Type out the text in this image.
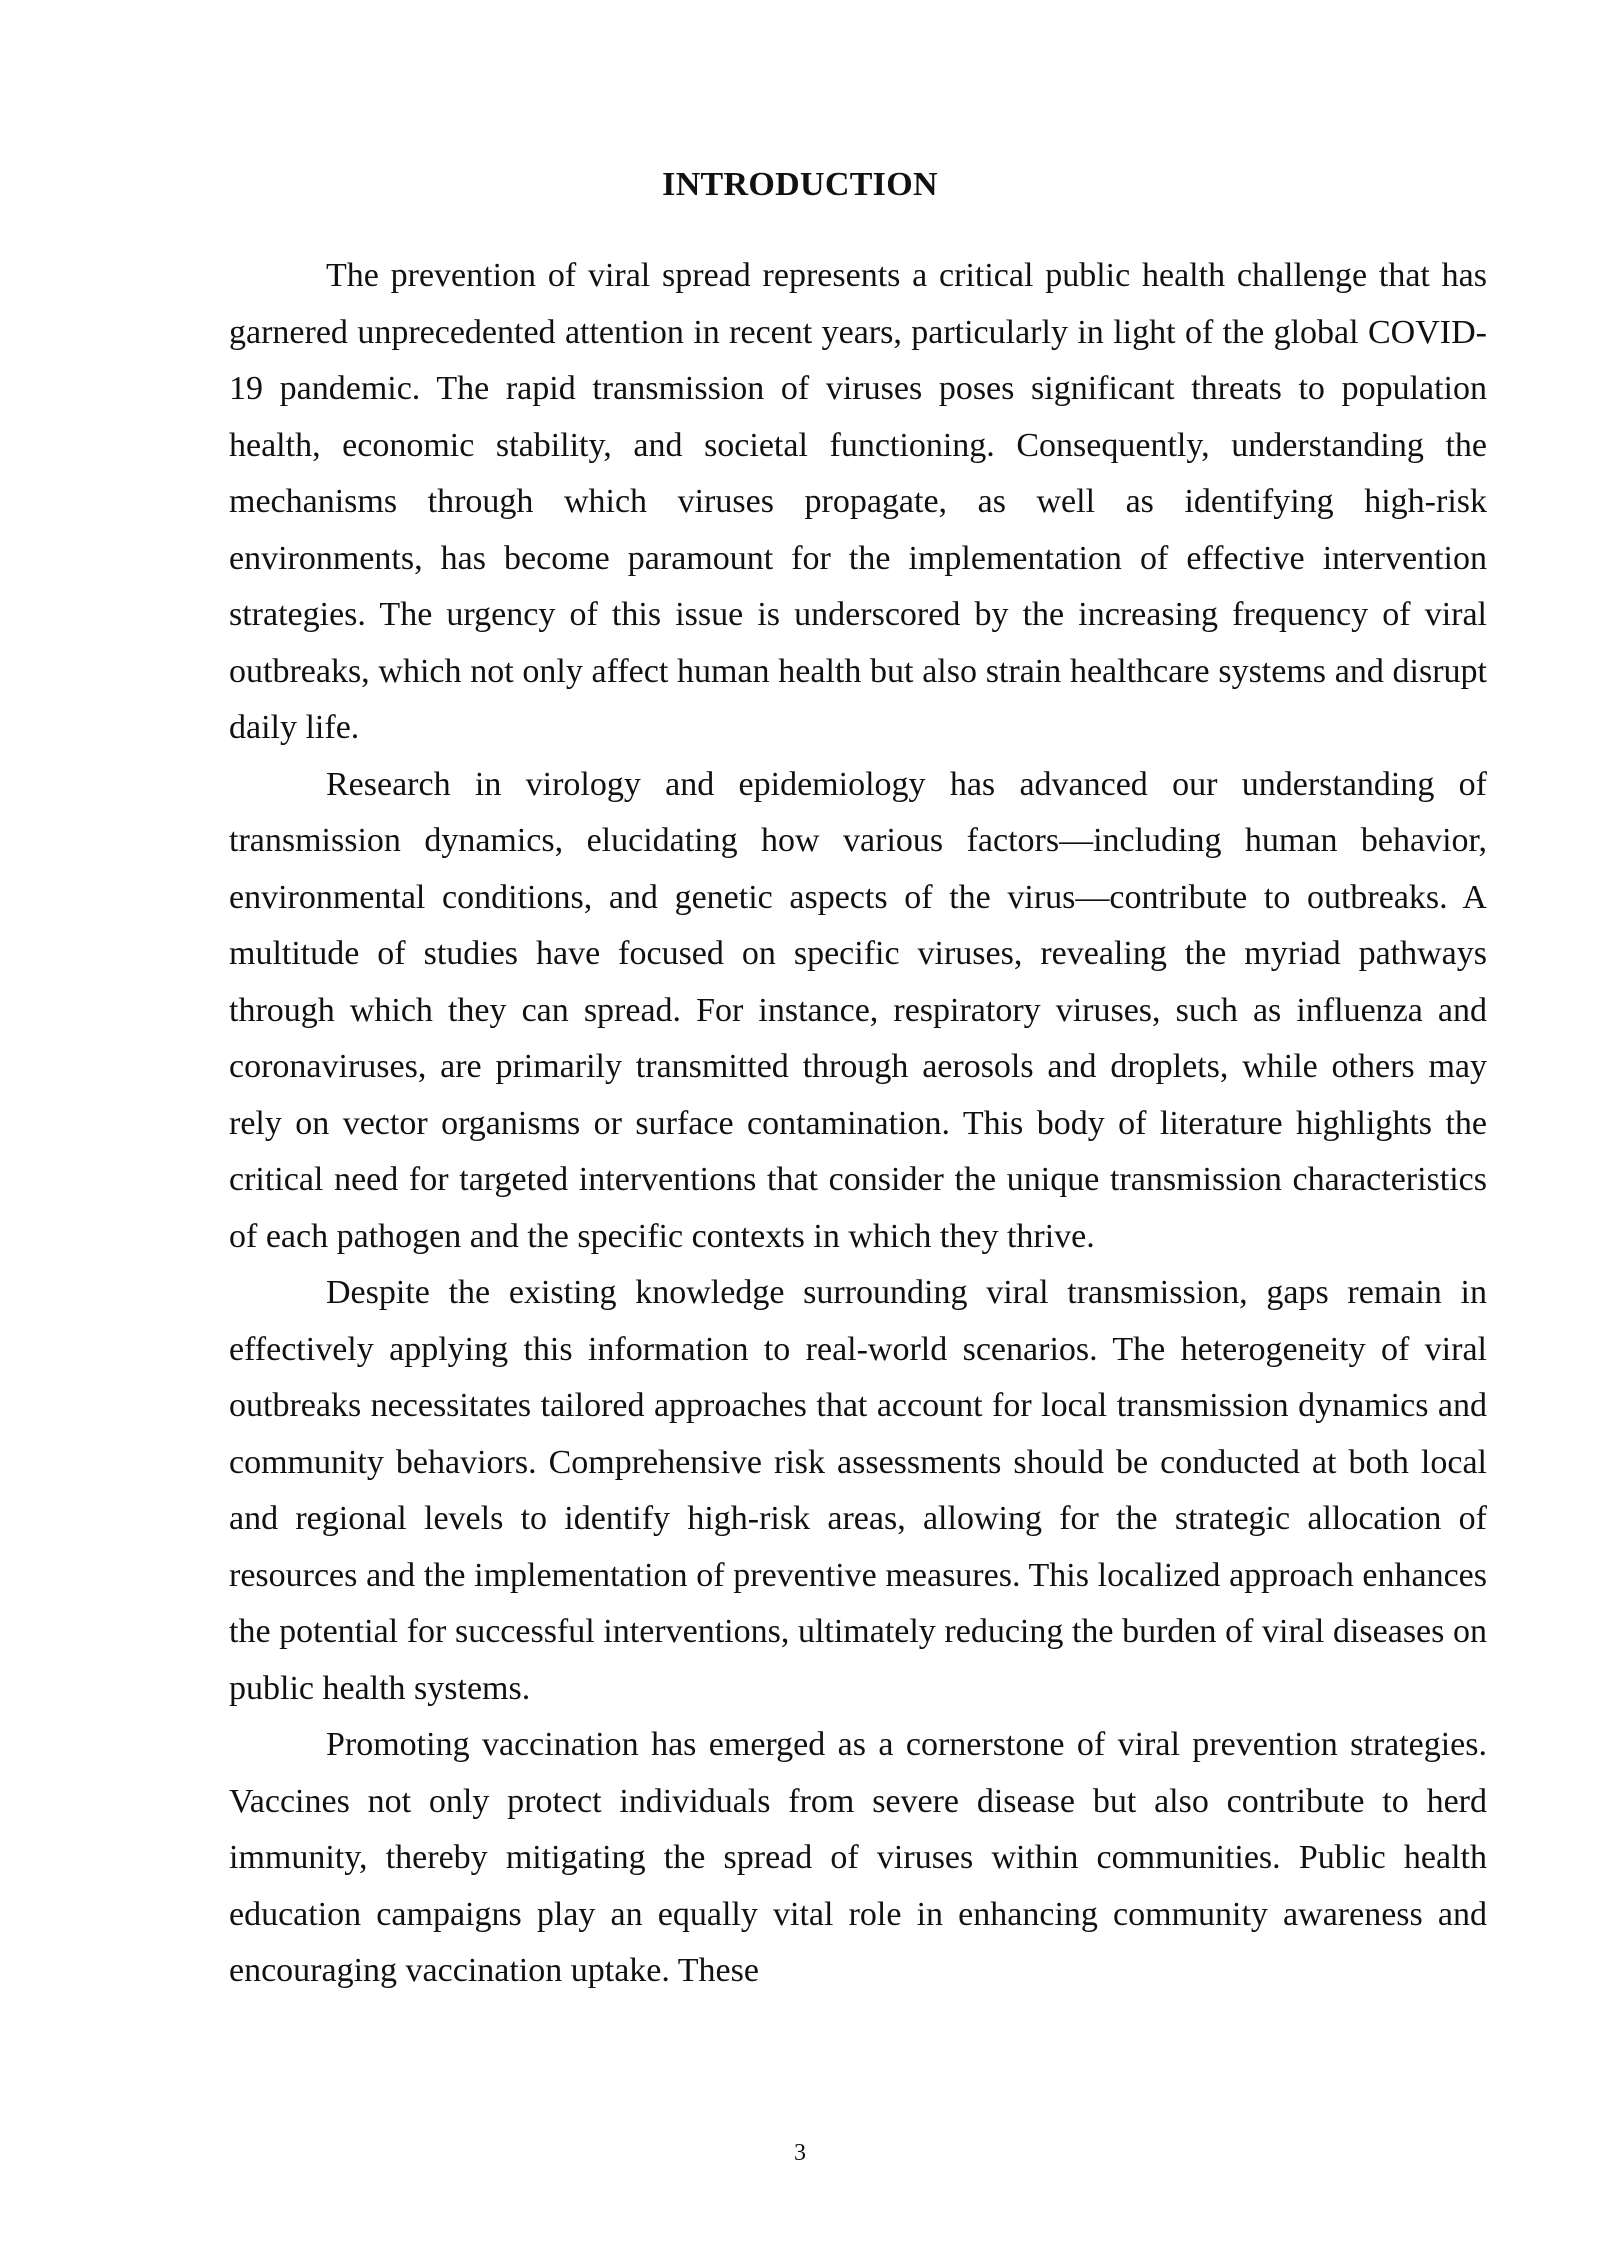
INTRODUCTION

The prevention of viral spread represents a critical public health challenge that has garnered unprecedented attention in recent years, particularly in light of the global COVID-19 pandemic. The rapid transmission of viruses poses significant threats to population health, economic stability, and societal functioning. Consequently, understanding the mechanisms through which viruses propagate, as well as identifying high-risk environments, has become paramount for the implementation of effective intervention strategies. The urgency of this issue is underscored by the increasing frequency of viral outbreaks, which not only affect human health but also strain healthcare systems and disrupt daily life.

Research in virology and epidemiology has advanced our understanding of transmission dynamics, elucidating how various factors—including human behavior, environmental conditions, and genetic aspects of the virus—contribute to outbreaks. A multitude of studies have focused on specific viruses, revealing the myriad pathways through which they can spread. For instance, respiratory viruses, such as influenza and coronaviruses, are primarily transmitted through aerosols and droplets, while others may rely on vector organisms or surface contamination. This body of literature highlights the critical need for targeted interventions that consider the unique transmission characteristics of each pathogen and the specific contexts in which they thrive.

Despite the existing knowledge surrounding viral transmission, gaps remain in effectively applying this information to real-world scenarios. The heterogeneity of viral outbreaks necessitates tailored approaches that account for local transmission dynamics and community behaviors. Comprehensive risk assessments should be conducted at both local and regional levels to identify high-risk areas, allowing for the strategic allocation of resources and the implementation of preventive measures. This localized approach enhances the potential for successful interventions, ultimately reducing the burden of viral diseases on public health systems.

Promoting vaccination has emerged as a cornerstone of viral prevention strategies. Vaccines not only protect individuals from severe disease but also contribute to herd immunity, thereby mitigating the spread of viruses within communities. Public health education campaigns play an equally vital role in enhancing community awareness and encouraging vaccination uptake. These

3
